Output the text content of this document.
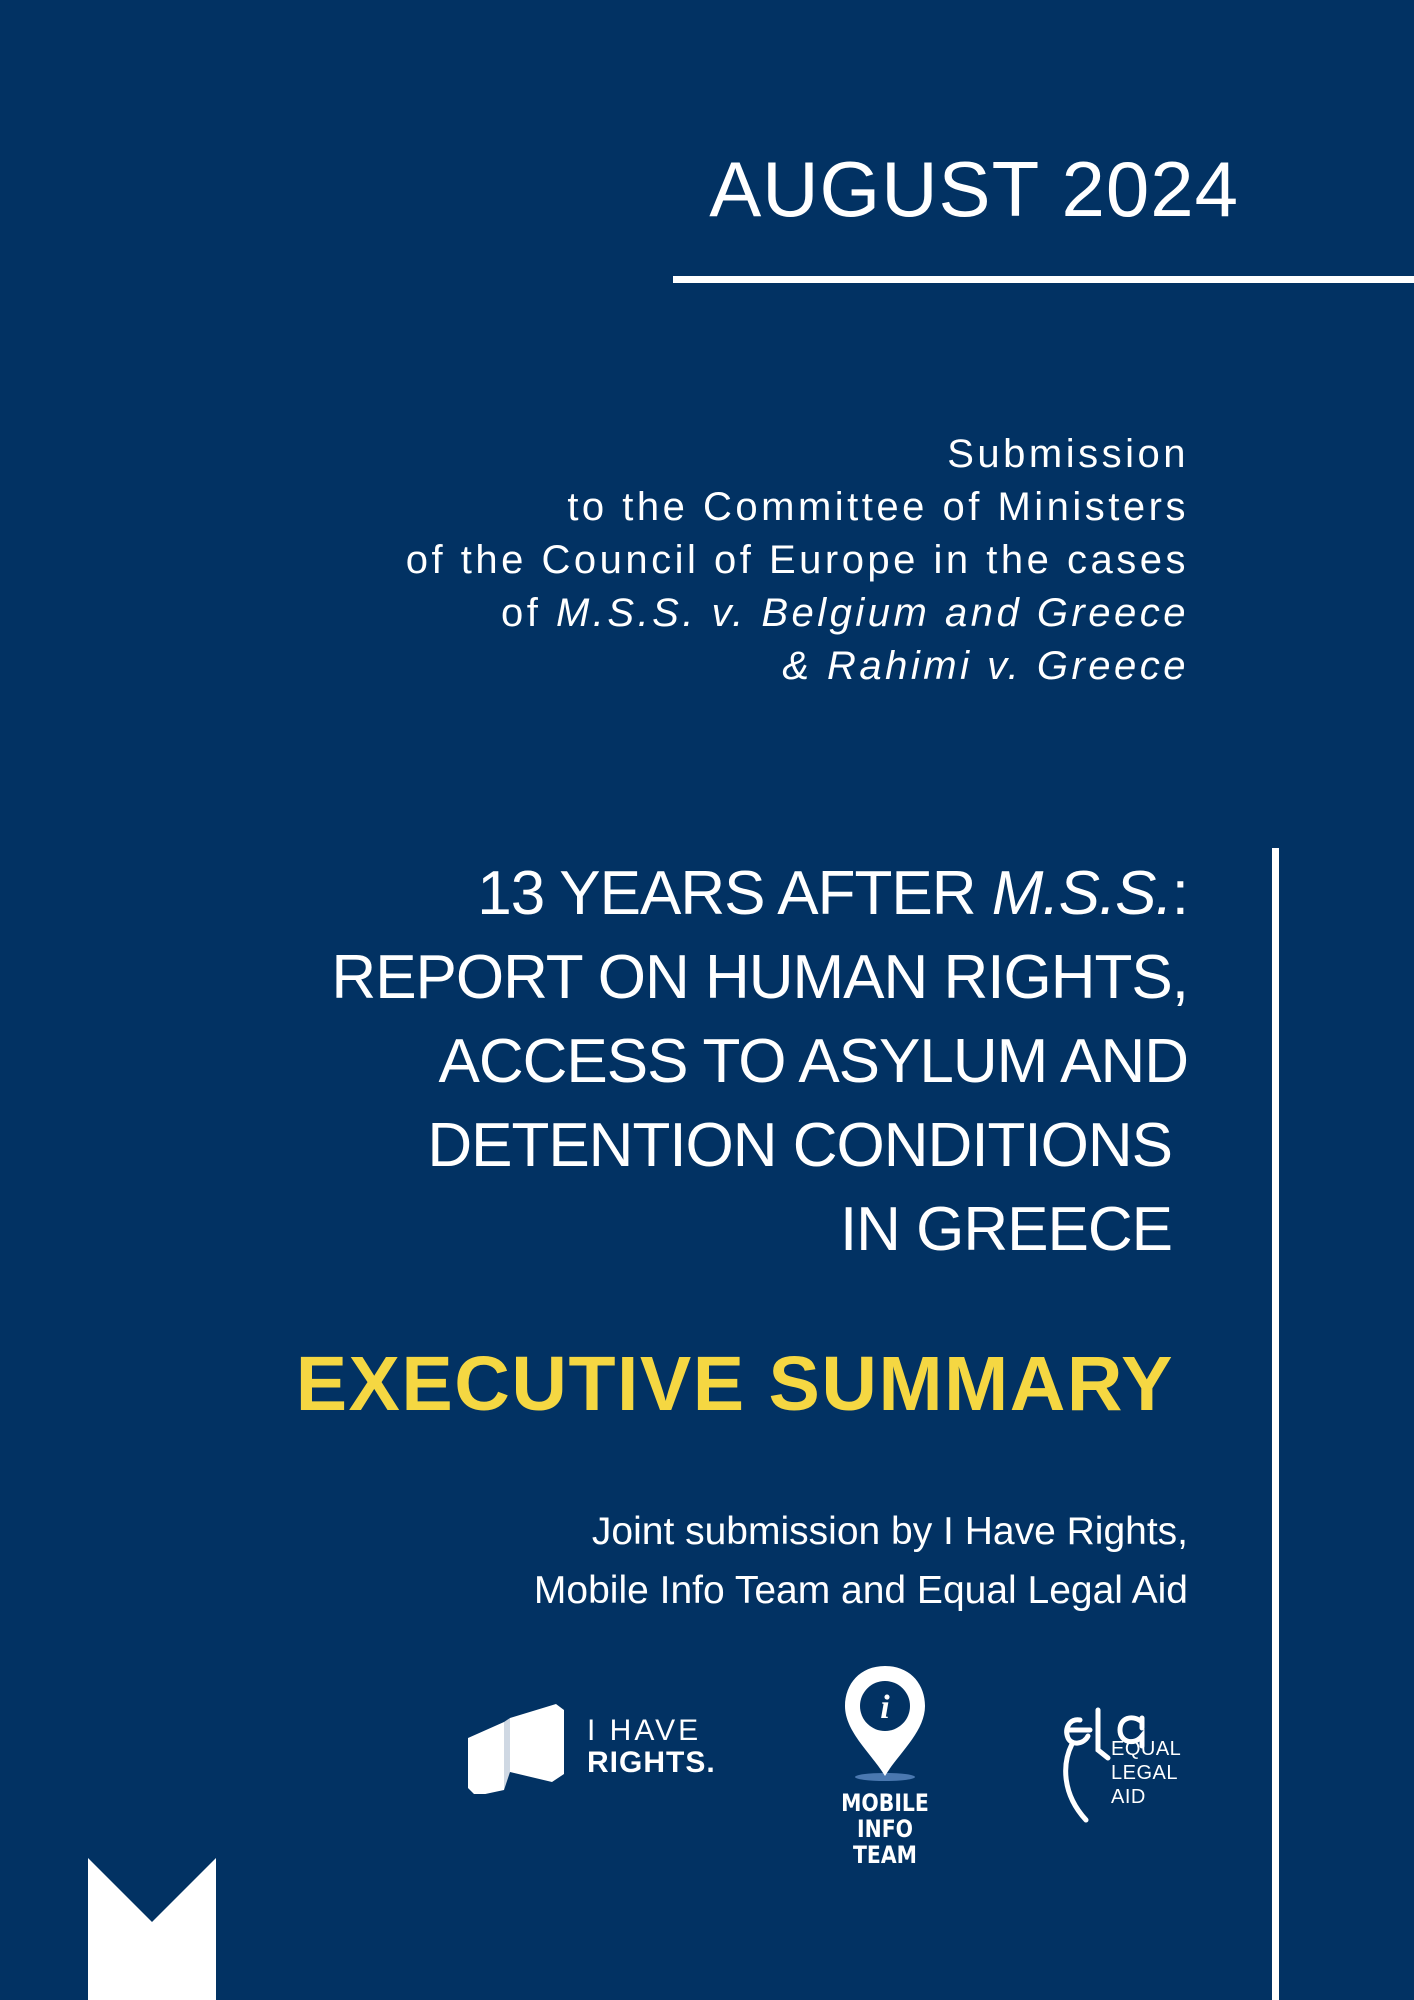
AUGUST 2024
Submission
to the Committee of Ministers
of the Council of Europe in the cases
of M.S.S. v. Belgium and Greece
& Rahimi v. Greece
13 YEARS AFTER M.S.S.:
REPORT ON HUMAN RIGHTS,
ACCESS TO ASYLUM AND
DETENTION CONDITIONS
IN GREECE
EXECUTIVE SUMMARY
Joint submission by I Have Rights,
Mobile Info Team and Equal Legal Aid
I HAVE
RIGHTS.
i
MOBILE
INFO TEAM
EQUAL
LEGAL
AID
